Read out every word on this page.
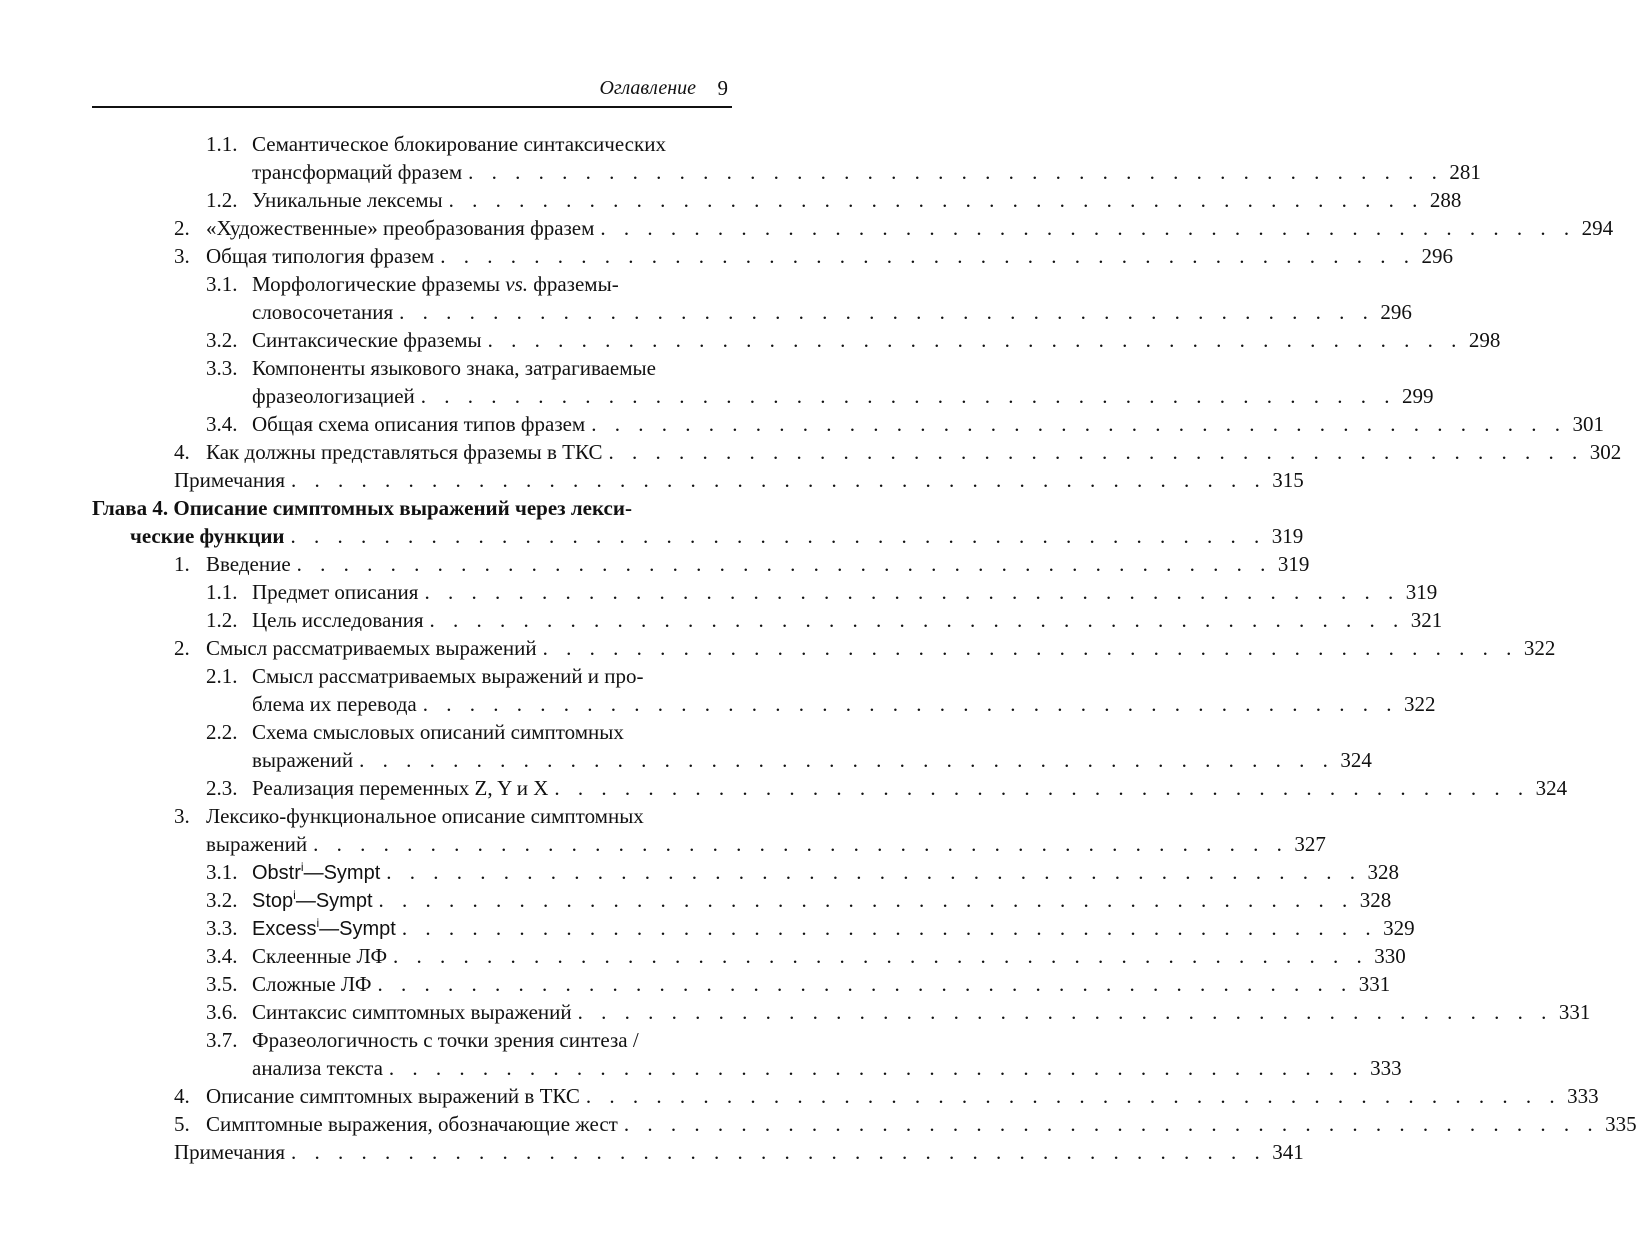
Оглавление 9
1.1. Семантическое блокирование синтаксических
трансформаций фразем . . . . . . . . . . . . . . . . . . . . . . . . . . . . . . . . . . . . . . . . . . 281
1.2. Уникальные лексемы . . . . . . . . . . . . . . . . . . . . . . . . . . . . . . . . . . . . . . . . . . 288
2. «Художественные» преобразования фразем . . . . . . . . . . . . . . . . . . . . . . . . . . . . . . . . . . . . . . . . . . 294
3. Общая типология фразем . . . . . . . . . . . . . . . . . . . . . . . . . . . . . . . . . . . . . . . . . . 296
3.1. Морфологические фраземы vs. фраземы-
словосочетания . . . . . . . . . . . . . . . . . . . . . . . . . . . . . . . . . . . . . . . . . . 296
3.2. Синтаксические фраземы . . . . . . . . . . . . . . . . . . . . . . . . . . . . . . . . . . . . . . . . . . 298
3.3. Компоненты языкового знака, затрагиваемые
фразеологизацией . . . . . . . . . . . . . . . . . . . . . . . . . . . . . . . . . . . . . . . . . . 299
3.4. Общая схема описания типов фразем . . . . . . . . . . . . . . . . . . . . . . . . . . . . . . . . . . . . . . . . . . 301
4. Как должны представляться фраземы в ТКС . . . . . . . . . . . . . . . . . . . . . . . . . . . . . . . . . . . . . . . . . . 302
Примечания . . . . . . . . . . . . . . . . . . . . . . . . . . . . . . . . . . . . . . . . . . 315
Глава 4. Описание симптомных выражений через лекси-
ческие функции . . . . . . . . . . . . . . . . . . . . . . . . . . . . . . . . . . . . . . . . . . 319
1. Введение . . . . . . . . . . . . . . . . . . . . . . . . . . . . . . . . . . . . . . . . . . 319
1.1. Предмет описания . . . . . . . . . . . . . . . . . . . . . . . . . . . . . . . . . . . . . . . . . . 319
1.2. Цель исследования . . . . . . . . . . . . . . . . . . . . . . . . . . . . . . . . . . . . . . . . . . 321
2. Смысл рассматриваемых выражений . . . . . . . . . . . . . . . . . . . . . . . . . . . . . . . . . . . . . . . . . . 322
2.1. Смысл рассматриваемых выражений и про-
блема их перевода . . . . . . . . . . . . . . . . . . . . . . . . . . . . . . . . . . . . . . . . . . 322
2.2. Схема смысловых описаний симптомных
выражений . . . . . . . . . . . . . . . . . . . . . . . . . . . . . . . . . . . . . . . . . . 324
2.3. Реализация переменных Z, Y и X . . . . . . . . . . . . . . . . . . . . . . . . . . . . . . . . . . . . . . . . . . 324
3. Лексико-функциональное описание симптомных
выражений . . . . . . . . . . . . . . . . . . . . . . . . . . . . . . . . . . . . . . . . . . 327
3.1. Obstr$^i$—Sympt . . . . . . . . . . . . . . . . . . . . . . . . . . . . . . . . . . . . . . . . . . 328
3.2. Stop$^i$—Sympt . . . . . . . . . . . . . . . . . . . . . . . . . . . . . . . . . . . . . . . . . . 328
3.3. Excess$^i$—Sympt . . . . . . . . . . . . . . . . . . . . . . . . . . . . . . . . . . . . . . . . . . 329
3.4. Склеенные ЛФ . . . . . . . . . . . . . . . . . . . . . . . . . . . . . . . . . . . . . . . . . . 330
3.5. Сложные ЛФ . . . . . . . . . . . . . . . . . . . . . . . . . . . . . . . . . . . . . . . . . . 331
3.6. Синтаксис симптомных выражений . . . . . . . . . . . . . . . . . . . . . . . . . . . . . . . . . . . . . . . . . . 331
3.7. Фразеологичность с точки зрения синтеза /
анализа текста . . . . . . . . . . . . . . . . . . . . . . . . . . . . . . . . . . . . . . . . . . 333
4. Описание симптомных выражений в ТКС . . . . . . . . . . . . . . . . . . . . . . . . . . . . . . . . . . . . . . . . . . 333
5. Симптомные выражения, обозначающие жест . . . . . . . . . . . . . . . . . . . . . . . . . . . . . . . . . . . . . . . . . . 335
Примечания . . . . . . . . . . . . . . . . . . . . . . . . . . . . . . . . . . . . . . . . . . 341
